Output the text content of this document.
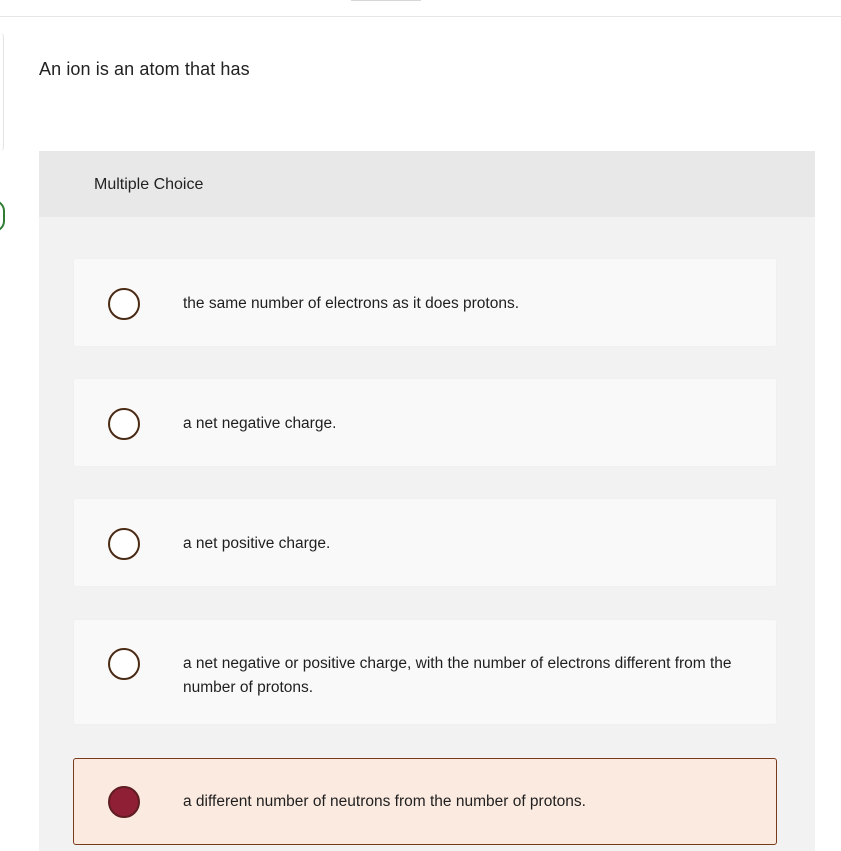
An ion is an atom that has
Multiple Choice
the same number of electrons as it does protons.
a net negative charge.
a net positive charge.
a net negative or positive charge, with the number of electrons different from the number of protons.
a different number of neutrons from the number of protons.
